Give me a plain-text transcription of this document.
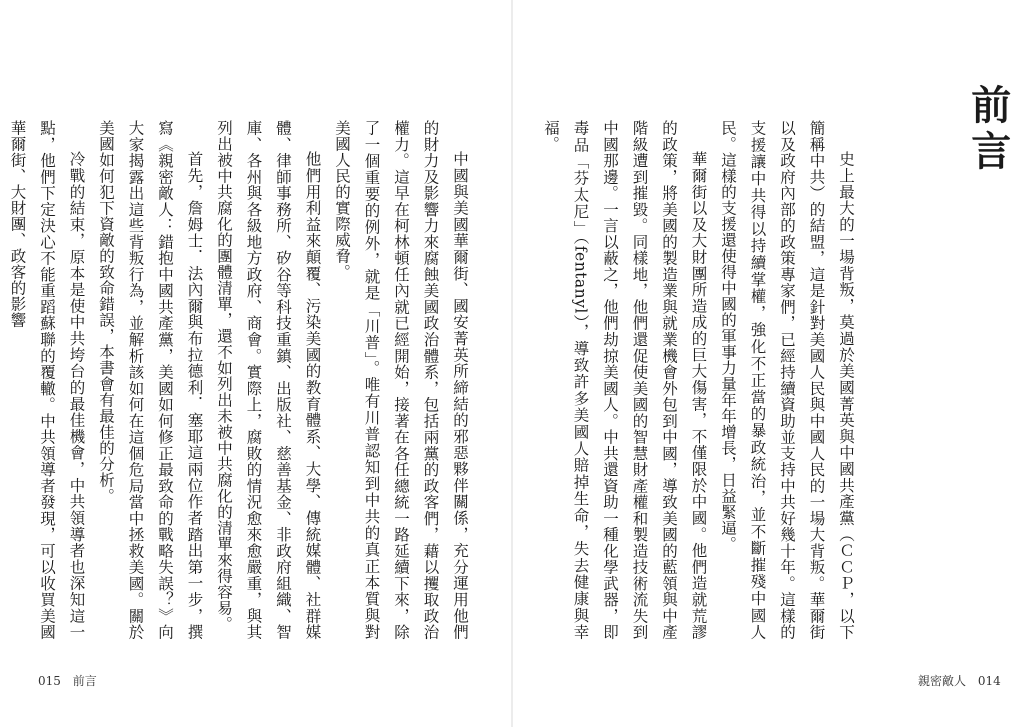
中國與美國華爾街、國安菁英所締結的邪惡夥伴關係，充分運用他們的財力及影響力來腐蝕美國政治體系，包括兩黨的政客們，藉以攫取政治權力。這早在柯林頓任內就已經開始，接著在各任總統一路延續下來，除了一個重要的例外，就是「川普」。唯有川普認知到中共的真正本質與對美國人民的實際威脅。

他們用利益來顛覆、污染美國的教育體系、大學、傳統媒體、社群媒體、律師事務所、矽谷等科技重鎮、出版社、慈善基金、非政府組織、智庫、各州與各級地方政府、商會。實際上，腐敗的情況愈來愈嚴重，與其列出被中共腐化的團體清單，還不如列出未被中共腐化的清單來得容易。

首先，詹姆士．法內爾與布拉德利．塞耶這兩位作者踏出第一步，撰寫《親密敵人：錯抱中國共產黨，美國如何修正最致命的戰略失誤？》向大家揭露出這些背叛行為，並解析該如何在這個危局當中拯救美國。關於美國如何犯下資敵的致命錯誤，本書會有最佳的分析。

冷戰的結束，原本是使中共垮台的最佳機會，中共領導者也深知這一點，他們下定決心不能重蹈蘇聯的覆轍。中共領導者發現，可以收買美國華爾街、大財團、政客的影響

015 前言
前言

史上最大的一場背叛，莫過於美國菁英與中國共產黨（ＣＣＰ，以下簡稱中共）的結盟，這是針對美國人民與中國人民的一場大背叛。華爾街以及政府內部的政策專家們，已經持續資助並支持中共好幾十年。這樣的支援讓中共得以持續掌權，強化不正當的暴政統治，並不斷摧殘中國人民。這樣的支援還使得中國的軍事力量年年增長，日益緊逼。

華爾街以及大財團所造成的巨大傷害，不僅限於中國。他們造就荒謬的政策，將美國的製造業與就業機會外包到中國，導致美國的藍領與中產階級遭到摧毀。同樣地，他們還促使美國的智慧財產權和製造技術流失到中國那邊。一言以蔽之，他們劫掠美國人。中共還資助一種化學武器，即毒品「芬太尼」（fentanyl），導致許多美國人賠掉生命，失去健康與幸福。

親密敵人 014
